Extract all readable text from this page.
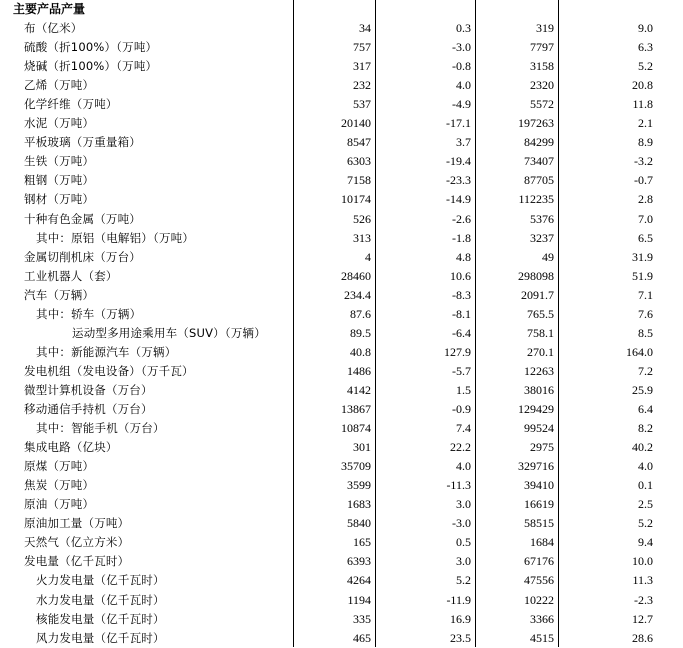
主要产品产量
布（亿米）	34	0.3	319	9.0
硫酸（折100%）（万吨）	757	-3.0	7797	6.3
烧碱（折100%）（万吨）	317	-0.8	3158	5.2
乙烯（万吨）	232	4.0	2320	20.8
化学纤维（万吨）	537	-4.9	5572	11.8
水泥（万吨）	20140	-17.1	197263	2.1
平板玻璃（万重量箱）	8547	3.7	84299	8.9
生铁（万吨）	6303	-19.4	73407	-3.2
粗钢（万吨）	7158	-23.3	87705	-0.7
钢材（万吨）	10174	-14.9	112235	2.8
十种有色金属（万吨）	526	-2.6	5376	7.0
其中：原铝（电解铝）（万吨）	313	-1.8	3237	6.5
金属切削机床（万台）	4	4.8	49	31.9
工业机器人（套）	28460	10.6	298098	51.9
汽车（万辆）	234.4	-8.3	2091.7	7.1
其中：轿车（万辆）	87.6	-8.1	765.5	7.6
运动型多用途乘用车（SUV）（万辆）	89.5	-6.4	758.1	8.5
其中：新能源汽车（万辆）	40.8	127.9	270.1	164.0
发电机组（发电设备）（万千瓦）	1486	-5.7	12263	7.2
微型计算机设备（万台）	4142	1.5	38016	25.9
移动通信手持机（万台）	13867	-0.9	129429	6.4
其中：智能手机（万台）	10874	7.4	99524	8.2
集成电路（亿块）	301	22.2	2975	40.2
原煤（万吨）	35709	4.0	329716	4.0
焦炭（万吨）	3599	-11.3	39410	0.1
原油（万吨）	1683	3.0	16619	2.5
原油加工量（万吨）	5840	-3.0	58515	5.2
天然气（亿立方米）	165	0.5	1684	9.4
发电量（亿千瓦时）	6393	3.0	67176	10.0
火力发电量（亿千瓦时）	4264	5.2	47556	11.3
水力发电量（亿千瓦时）	1194	-11.9	10222	-2.3
核能发电量（亿千瓦时）	335	16.9	3366	12.7
风力发电量（亿千瓦时）	465	23.5	4515	28.6
